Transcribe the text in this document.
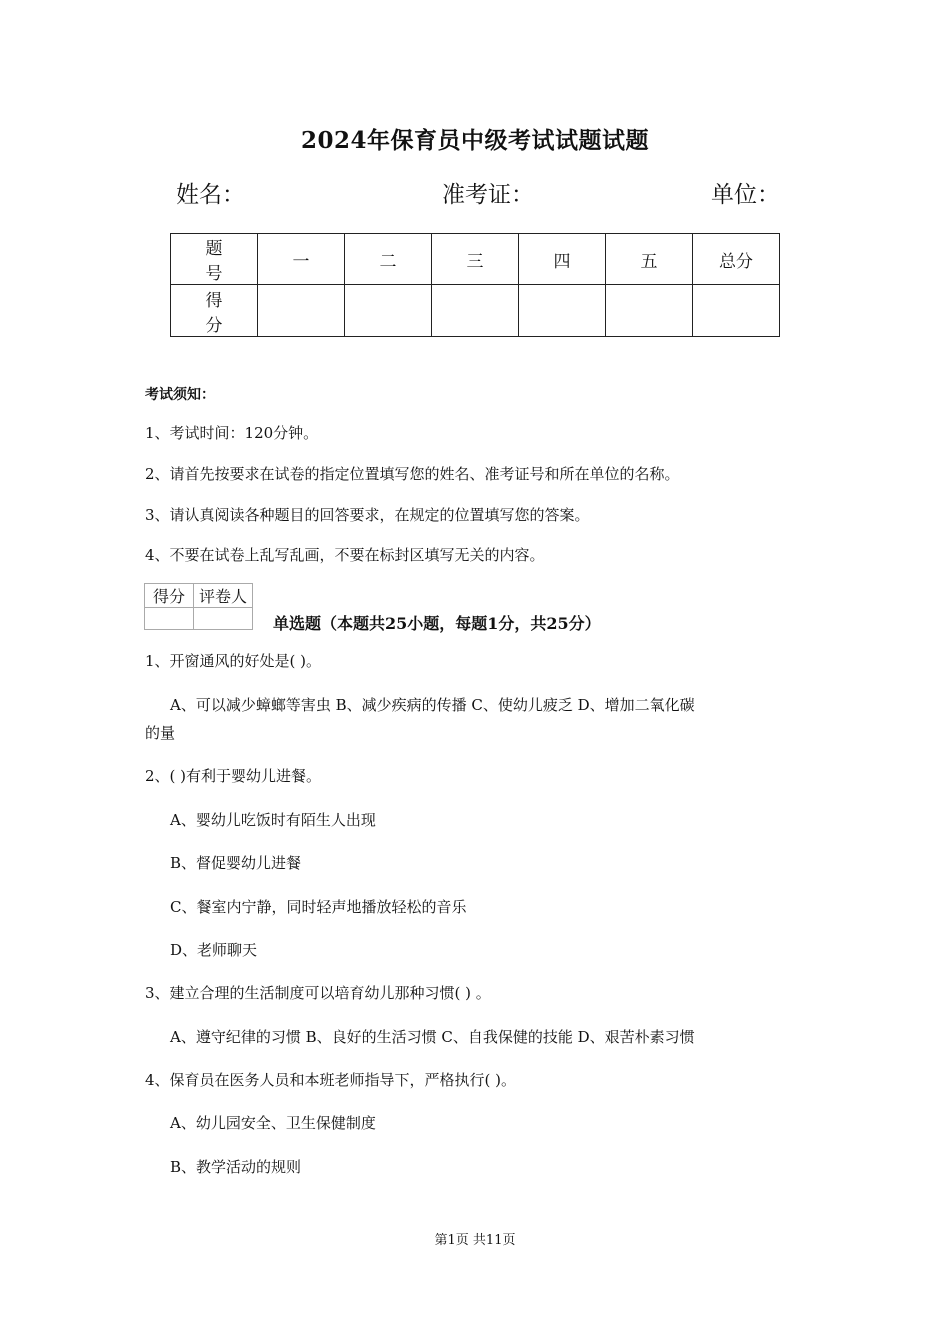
2024年保育员中级考试试题试题
姓名：	准考证：	单位：
题号	一	二	三	四	五	总分
得分						
考试须知：
1、考试时间：120分钟。
2、请首先按要求在试卷的指定位置填写您的姓名、准考证号和所在单位的名称。
3、请认真阅读各种题目的回答要求，在规定的位置填写您的答案。
4、不要在试卷上乱写乱画，不要在标封区填写无关的内容。
得分	评卷人

单选题（本题共25小题，每题1分，共25分）
1、开窗通风的好处是( )。
A、可以减少蟑螂等害虫 B、减少疾病的传播 C、使幼儿疲乏 D、增加二氧化碳
的量
2、( )有利于婴幼儿进餐。
A、婴幼儿吃饭时有陌生人出现
B、督促婴幼儿进餐
C、餐室内宁静，同时轻声地播放轻松的音乐
D、老师聊天
3、建立合理的生活制度可以培育幼儿那种习惯( ) 。
A、遵守纪律的习惯 B、良好的生活习惯 C、自我保健的技能 D、艰苦朴素习惯
4、保育员在医务人员和本班老师指导下，严格执行( )。
A、幼儿园安全、卫生保健制度
B、教学活动的规则
第1页 共11页
